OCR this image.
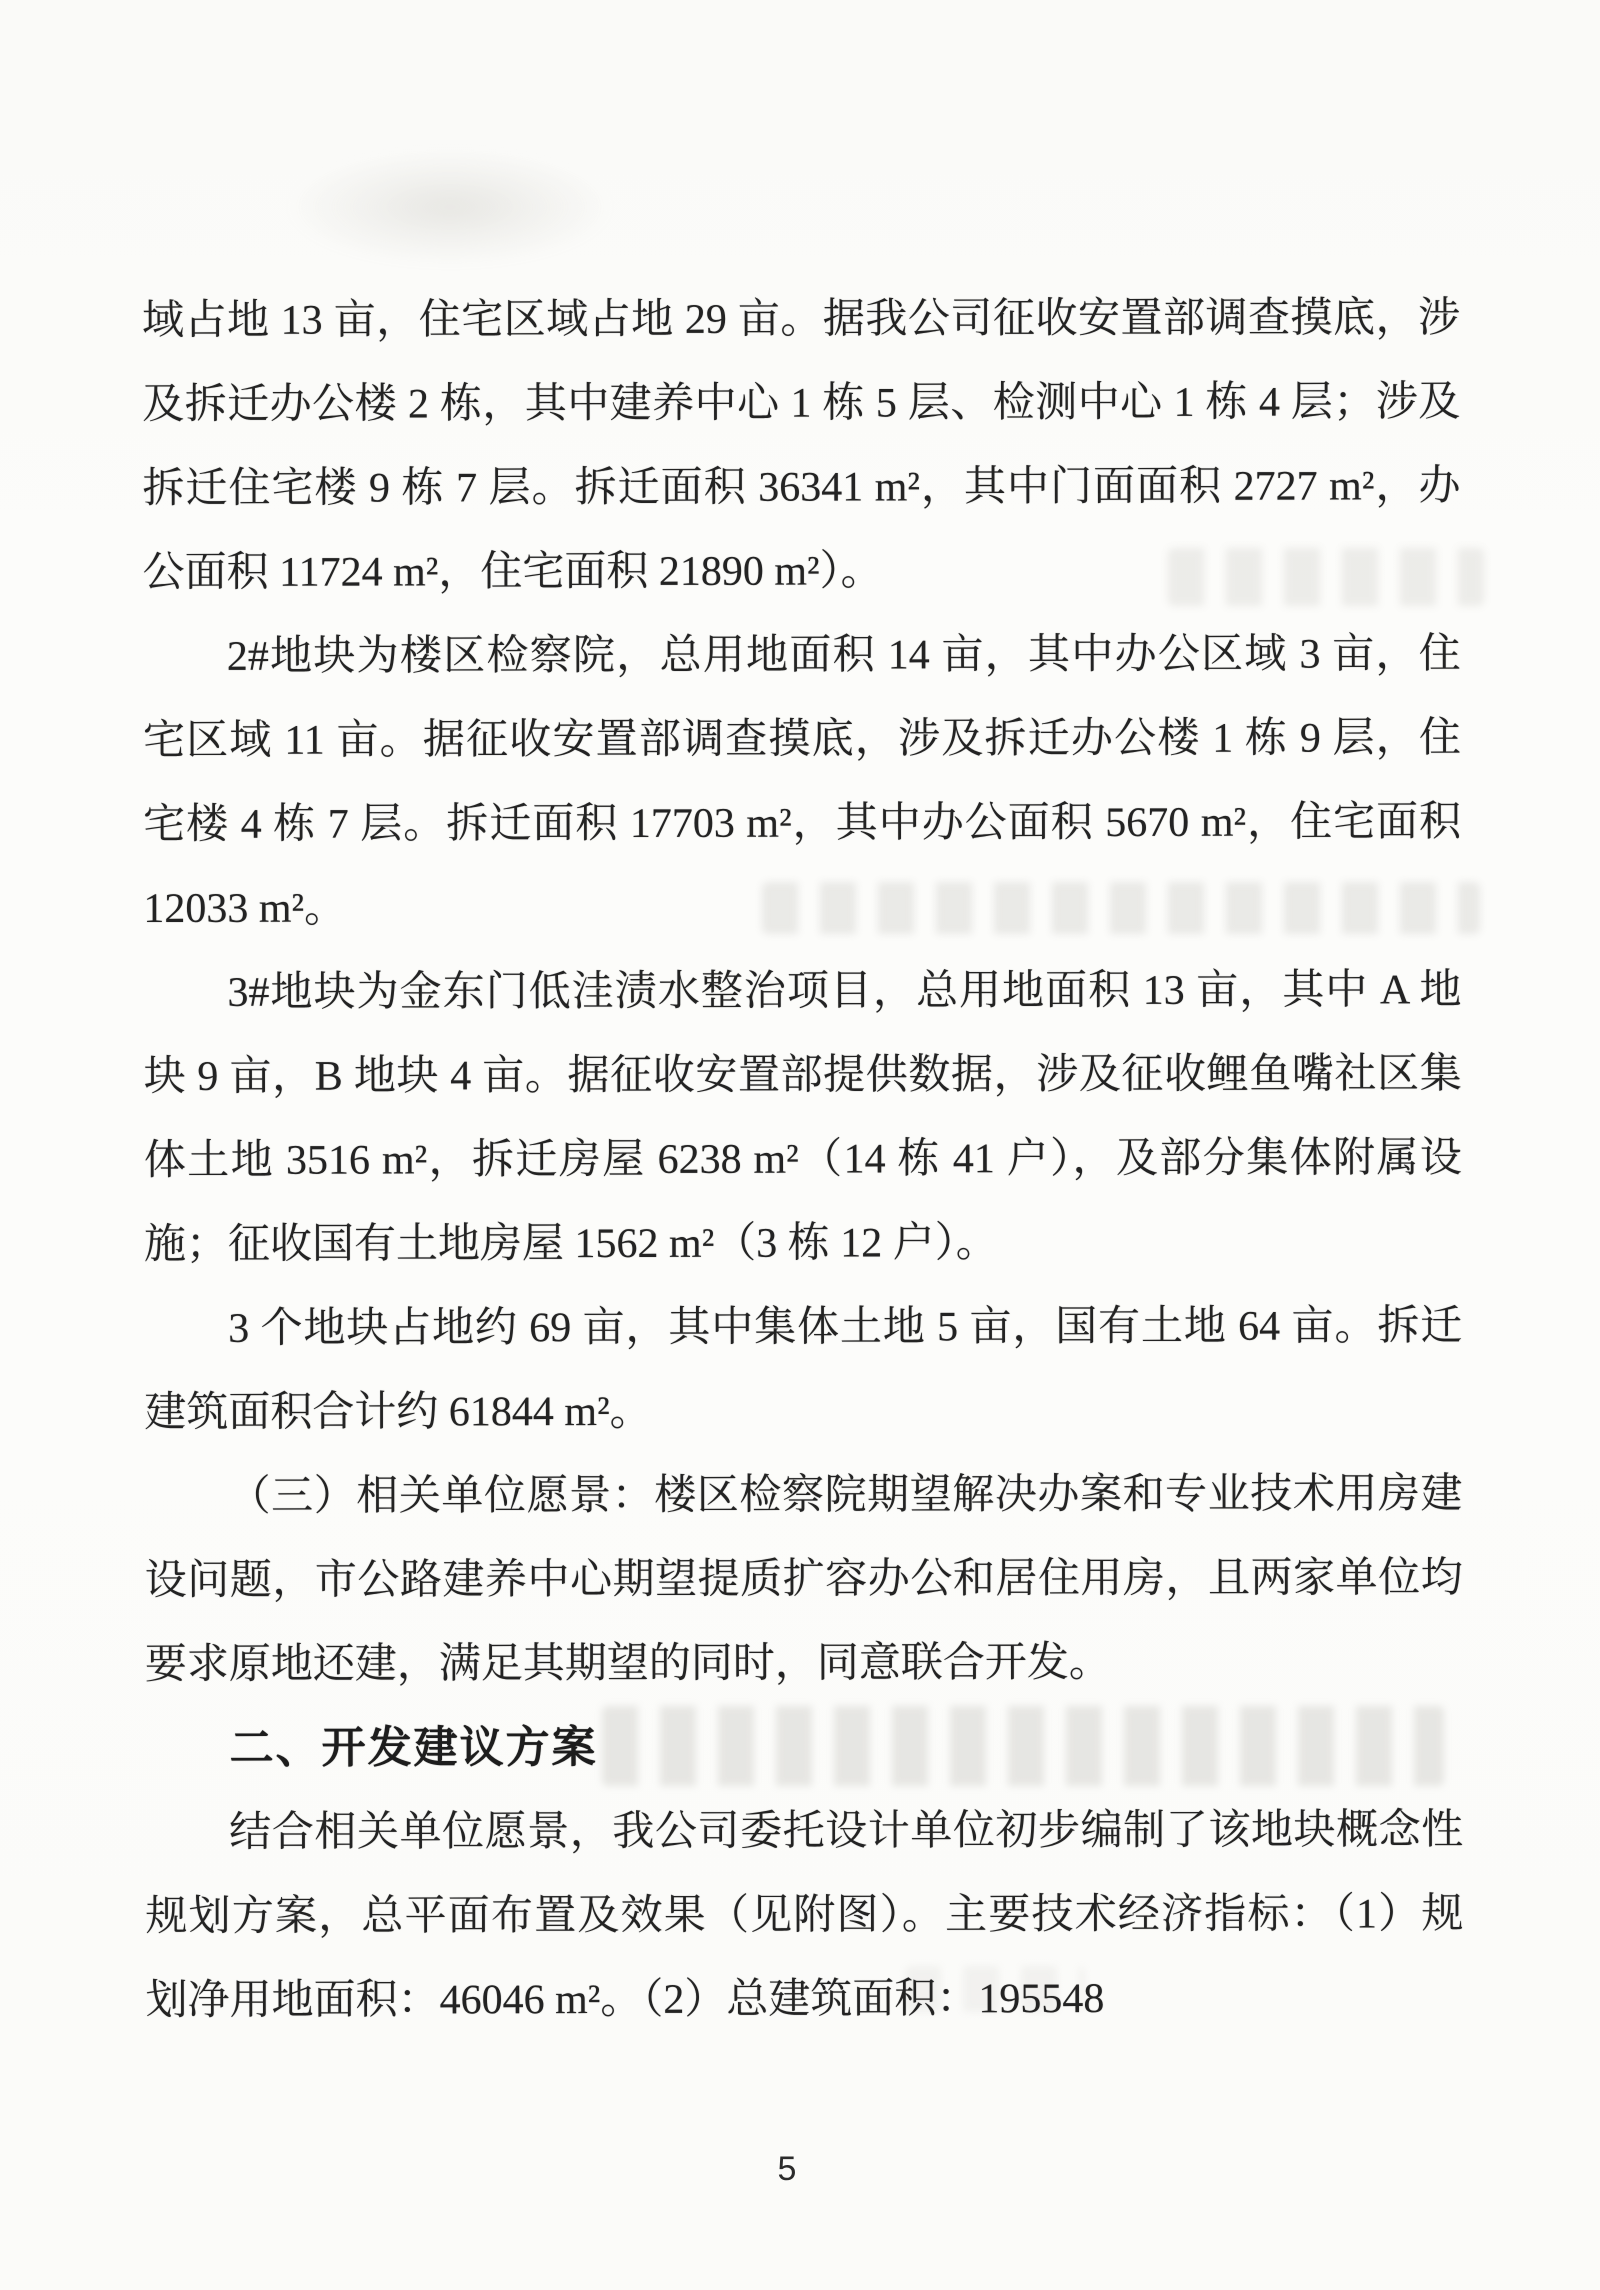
域占地 13 亩，住宅区域占地 29 亩。据我公司征收安置部调查摸底，涉及拆迁办公楼 2 栋，其中建养中心 1 栋 5 层、检测中心 1 栋 4 层；涉及拆迁住宅楼 9 栋 7 层。拆迁面积 36341 m²，其中门面面积 2727 m²，办公面积 11724 m²，住宅面积 21890 m²）。

2#地块为楼区检察院，总用地面积 14 亩，其中办公区域 3 亩，住宅区域 11 亩。据征收安置部调查摸底，涉及拆迁办公楼 1 栋 9 层，住宅楼 4 栋 7 层。拆迁面积 17703 m²，其中办公面积 5670 m²，住宅面积 12033 m²。

3#地块为金东门低洼渍水整治项目，总用地面积 13 亩，其中 A 地块 9 亩，B 地块 4 亩。据征收安置部提供数据，涉及征收鲤鱼嘴社区集体土地 3516 m²，拆迁房屋 6238 m²（14 栋 41 户），及部分集体附属设施；征收国有土地房屋 1562 m²（3 栋 12 户）。

3 个地块占地约 69 亩，其中集体土地 5 亩，国有土地 64 亩。拆迁建筑面积合计约 61844 m²。

（三）相关单位愿景：楼区检察院期望解决办案和专业技术用房建设问题，市公路建养中心期望提质扩容办公和居住用房，且两家单位均要求原地还建，满足其期望的同时，同意联合开发。

二、开发建议方案

结合相关单位愿景，我公司委托设计单位初步编制了该地块概念性规划方案，总平面布置及效果（见附图）。主要技术经济指标：（1）规划净用地面积：46046 m²。（2）总建筑面积：195548

5
